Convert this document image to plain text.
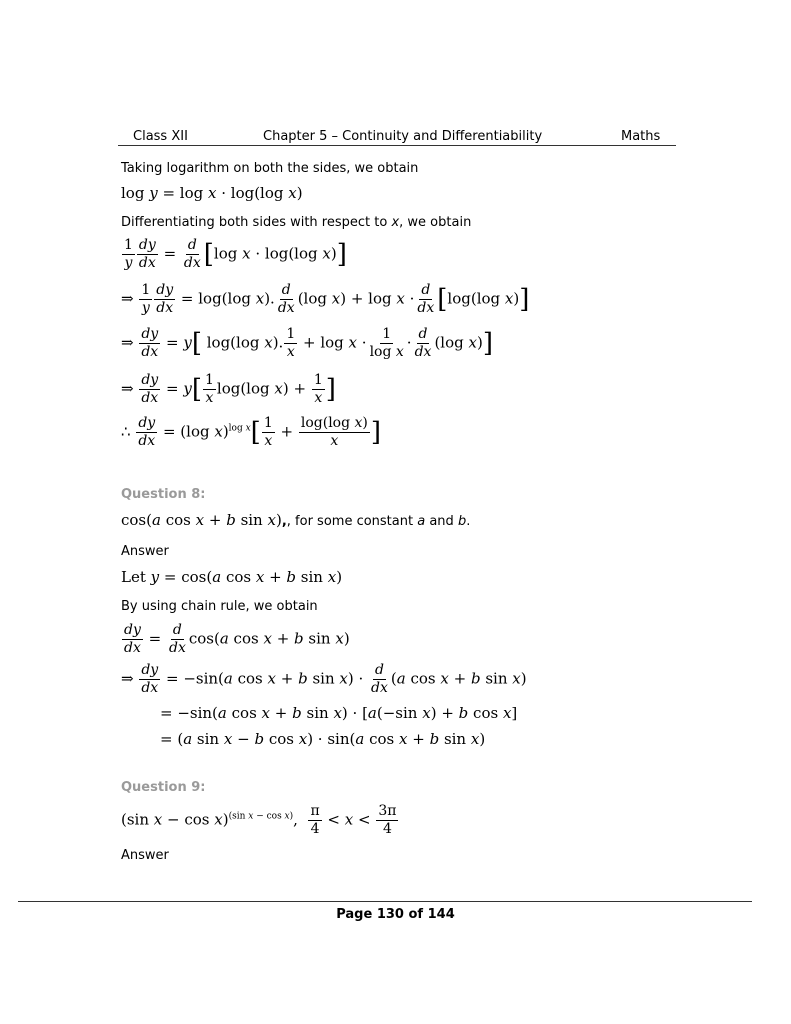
Class XII	Chapter 5 – Continuity and Differentiability	Maths
Taking logarithm on both the sides, we obtain
log y = log x · log(log x)
Differentiating both sides with respect to x, we obtain
$\frac{1}{y} \frac{dy}{dx} = \frac{d}{dx} [\log$ x · log(log x)]
⇒ $\frac{1}{y} \frac{dy}{dx} = \log(\log$ x). $\frac{d}{dx} (\log$ $x) + \log x \cdot \frac{d}{dx} [\log(\log$ x)]
⇒ $\frac{dy}{dx} = y$[ log(log x). $\frac{1}{x} + \log x \cdot \frac{1}{\text{log x}} \cdot \frac{d}{dx} (\log$ x)]
⇒ $\frac{dy}{dx} = y[ \frac{1}{x} \log(\log$ $x) + \frac{1}{x}$ ]
∴ $\frac{dy}{dx} = (\log$ $x)^{log x}[ \frac{1}{x} + \frac{\text{log(log x)}}{x}$ ]
Question 8:
cos(a cos x + b sin x),, for some constant a and b.
Answer
Let y = cos(a cos x + b sin x)
By using chain rule, we obtain
$\frac{dy}{dx} = \frac{d}{dx} \cos(a$ cos x + b sin x)
⇒ $\frac{dy}{dx} = -\sin(a$ cos x + b $\sin x) \cdot \frac{d}{dx} (a$ cos x + b sin x)
= −sin(a cos x + b sin x) · [a(−sin x) + b cos x]
= (a sin x − b cos x) · sin(a cos x + b sin x)
Question 9:
(sin x − cos x)$^{(sin x - cos x)}$, $\frac{\pi}{4} < x < \frac{3\pi}{4}$
Answer
Page 130 of 144
